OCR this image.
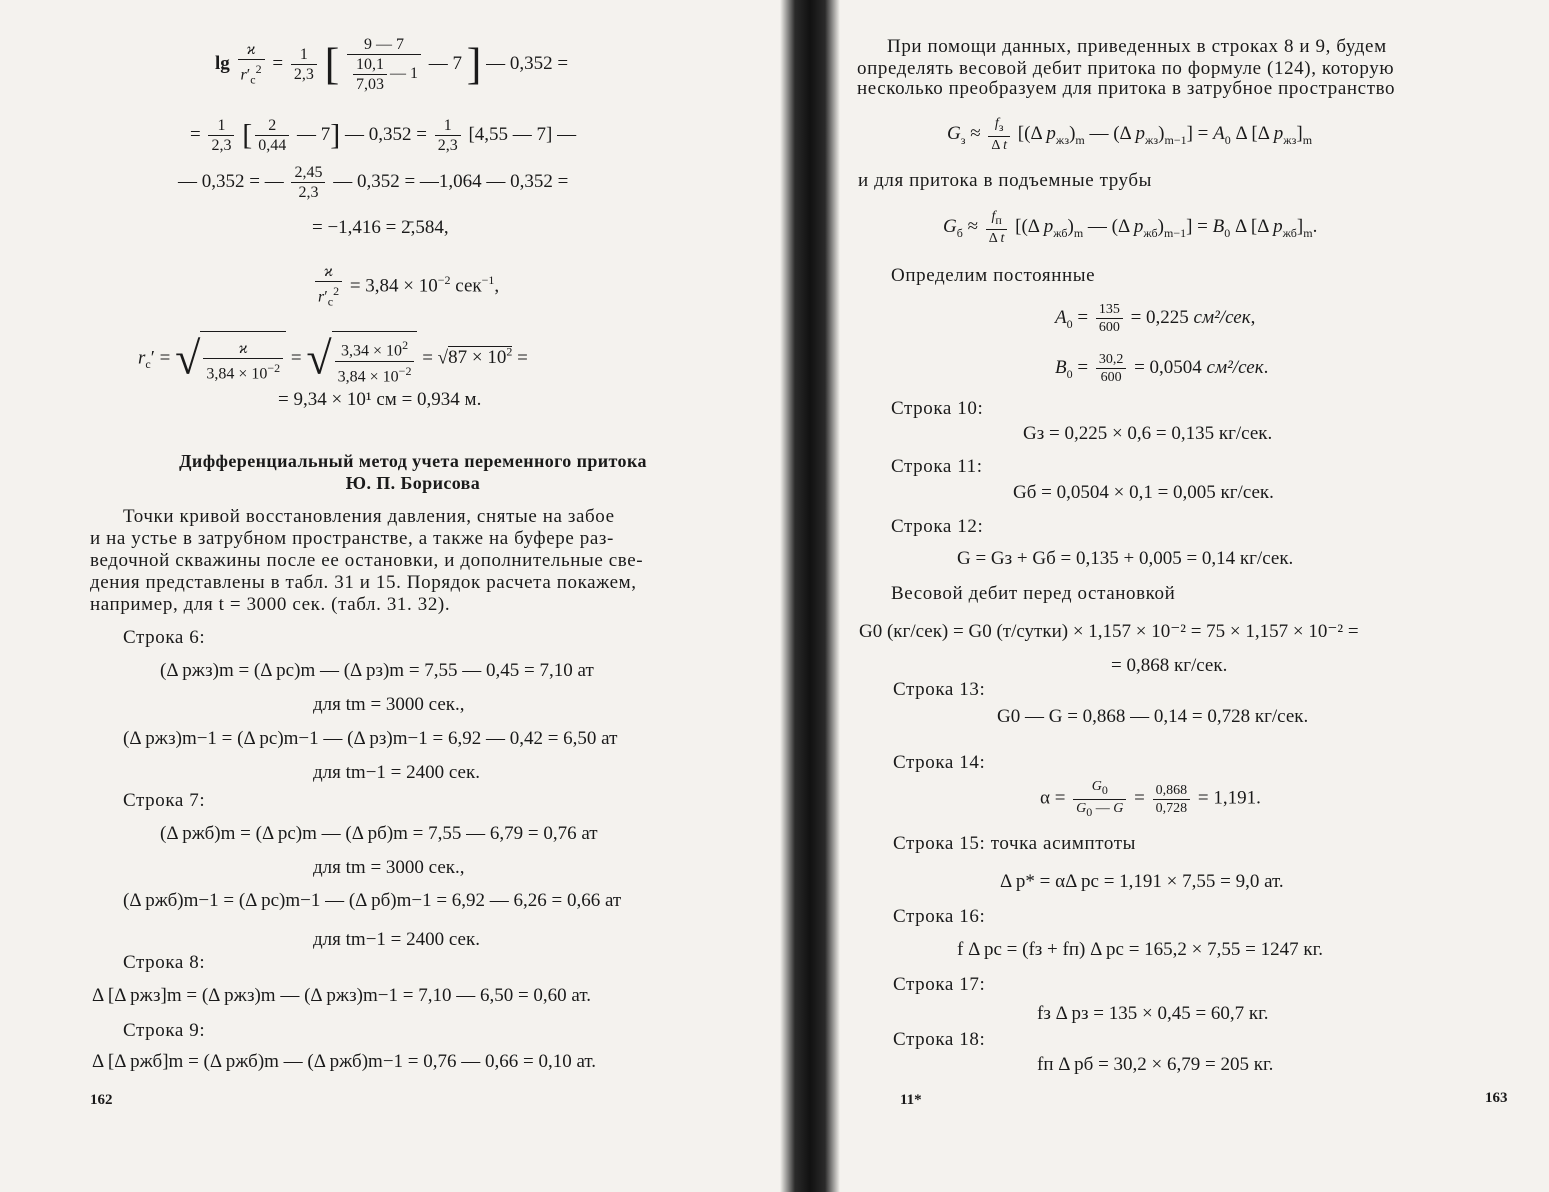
$\lg \frac{ϰ}{r'_c^2} = \frac{1}{2,3}$ [ $\frac{9 — 7}{\frac{10,1}{7,03} — 1}$ — 7 ] — 0,352 =
= $\frac{1}{2,3}$ [ $\frac{2}{0,44}$ — 7] — $0,352 = \frac{1}{2,3} [4,55$ — 7] —
— 0,352 = — $\frac{2,45}{2,3}$ — 0,352 = —1,064 — 0,352 =
= −1,416 = 2̄,584,
$\frac{ϰ}{r'_c^2} = 3,84 \times 10^{-2}$ сек$^{-1}$,
$r_c'$ = √ $\frac{ϰ}{3,84 \times 10^{-2}}$ = √ $\frac{3,34 \times 10^2}{3,84 \times 10^{-2}} = √87 \times 10^2$ =
= 9,34 × 10¹ см = 0,934 м.
Дифференциальный метод учета переменного притока
Ю. П. Борисова
Точки кривой восстановления давления, снятые на забое
и на устье в затрубном пространстве, а также на буфере раз-
ведочной скважины после ее остановки, и дополнительные све-
дения представлены в табл. 31 и 15. Порядок расчета покажем,
например, для t = 3000 сек. (табл. 31. 32).
Строка 6:
(Δ pжз)m = (Δ pс)m — (Δ pз)m = 7,55 — 0,45 = 7,10 ат
для tm = 3000 сек.,
(Δ pжз)m−1 = (Δ pс)m−1 — (Δ pз)m−1 = 6,92 — 0,42 = 6,50 ат
для tm−1 = 2400 сек.
Строка 7:
(Δ pжб)m = (Δ pс)m — (Δ pб)m = 7,55 — 6,79 = 0,76 ат
для tm = 3000 сек.,
(Δ pжб)m−1 = (Δ pс)m−1 — (Δ pб)m−1 = 6,92 — 6,26 = 0,66 ат
для tm−1 = 2400 сек.
Строка 8:
Δ [Δ pжз]m = (Δ pжз)m — (Δ pжз)m−1 = 7,10 — 6,50 = 0,60 ат.
Строка 9:
Δ [Δ pжб]m = (Δ pжб)m — (Δ pжб)m−1 = 0,76 — 0,66 = 0,10 ат.
162
При помощи данных, приведенных в строках 8 и 9, будем
определять весовой дебит притока по формуле (124), которую
несколько преобразуем для притока в затрубное пространство
$G_з \approx \frac{f_з}{\text{Δ t}} [(\Delta$ $p_{жз})_m$ — (Δ $p_{жз})_{m-1}] = A_0$ Δ [Δ $p_{жз}]_m$
и для притока в подъемные трубы
$G_б \approx \frac{f_п}{\text{Δ t}} [(\Delta$ $p_{жб})_m$ — (Δ $p_{жб})_{m-1}] = B_0$ Δ [Δ $p_{жб}]_m$.
Определим постоянные
$A_0 = \frac{135}{600} = 0,225$ см²/сек,
$B_0 = \frac{30,2}{600} = 0,0504$ см²/сек.
Строка 10:
Gз = 0,225 × 0,6 = 0,135 кг/сек.
Строка 11:
Gб = 0,0504 × 0,1 = 0,005 кг/сек.
Строка 12:
G = Gз + Gб = 0,135 + 0,005 = 0,14 кг/сек.
Весовой дебит перед остановкой
G0 (кг/сек) = G0 (т/сутки) × 1,157 × 10⁻² = 75 × 1,157 × 10⁻² =
= 0,868 кг/сек.
Строка 13:
G0 — G = 0,868 — 0,14 = 0,728 кг/сек.
Строка 14:
$\alpha = \frac{G_0}{G_0 — G} = \frac{0,868}{0,728} = 1,191$.
Строка 15: точка асимптоты
Δ p* = αΔ pс = 1,191 × 7,55 = 9,0 ат.
Строка 16:
f Δ pс = (fз + fп) Δ pс = 165,2 × 7,55 = 1247 кг.
Строка 17:
fз Δ pз = 135 × 0,45 = 60,7 кг.
Строка 18:
fп Δ pб = 30,2 × 6,79 = 205 кг.
11*	163
